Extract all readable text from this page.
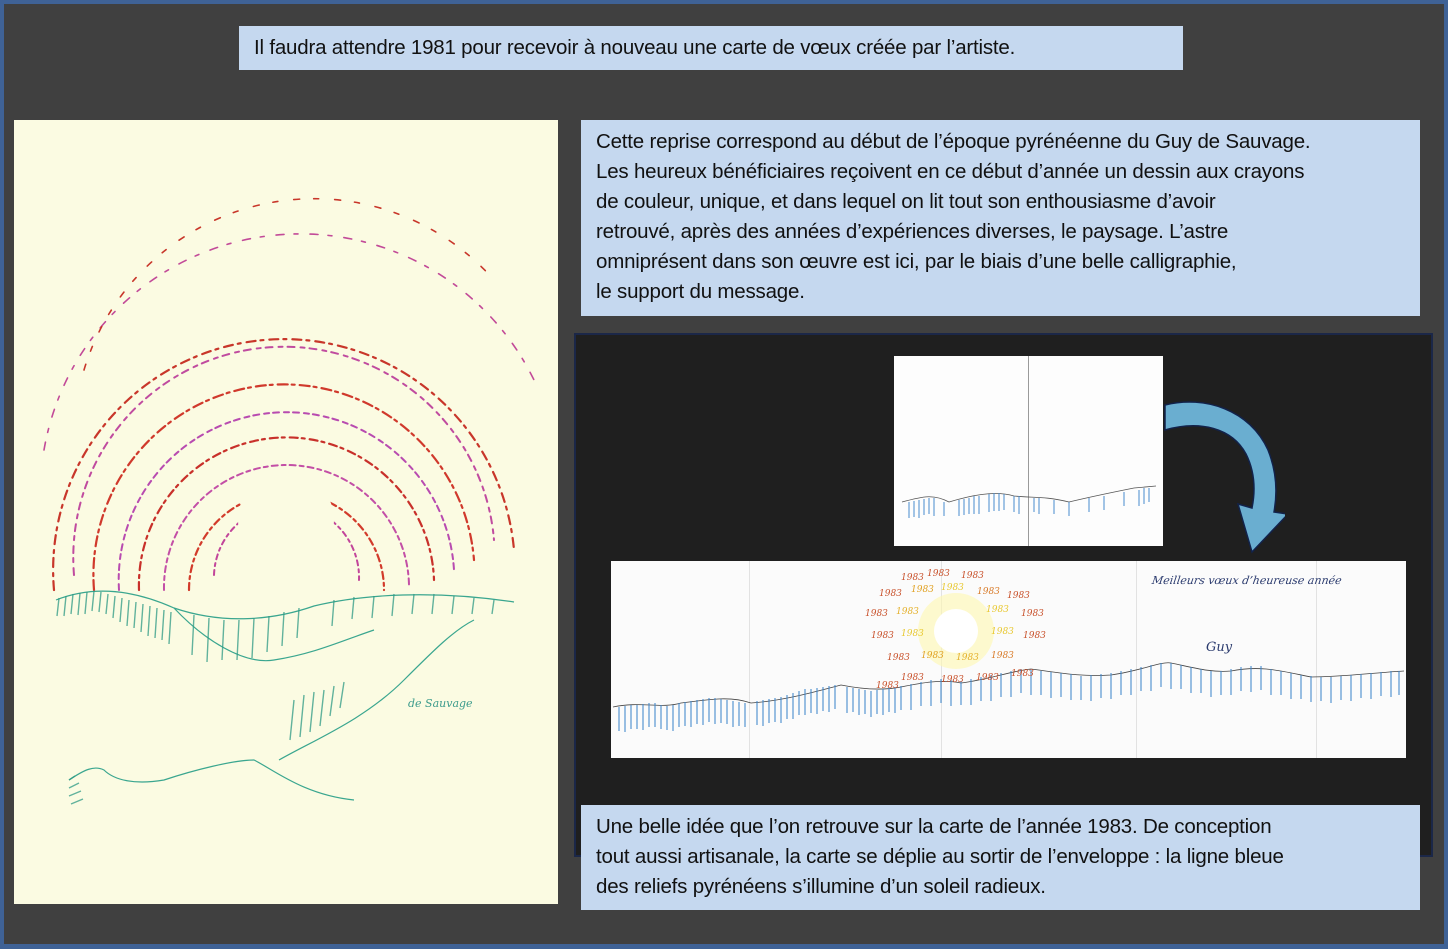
Il faudra attendre 1981 pour recevoir à nouveau une carte de vœux créée par l’artiste.
de Sauvage
Cette reprise correspond au début de l’époque pyrénéenne du Guy de Sauvage.
Les heureux bénéficiaires reçoivent en ce début d’année un dessin aux crayons
de couleur, unique, et dans lequel on lit tout son enthousiasme d’avoir
retrouvé, après des années d’expériences diverses, le paysage. L’astre
omniprésent dans son œuvre est ici, par le biais d’une belle calligraphie,
le support du message.
1983 1983 1983
1983 1983 1983 1983 1983
1983 1983	1983 1983
1983 1983	1983 1983
1983 1983 1983 1983
1983
1983 1983 1983
1983
Meilleurs vœux d’heureuse année
Guy
Une belle idée que l’on retrouve sur la carte de l’année 1983. De conception
tout aussi artisanale, la carte se déplie au sortir de l’enveloppe : la ligne bleue
des reliefs pyrénéens s’illumine d’un soleil radieux.
